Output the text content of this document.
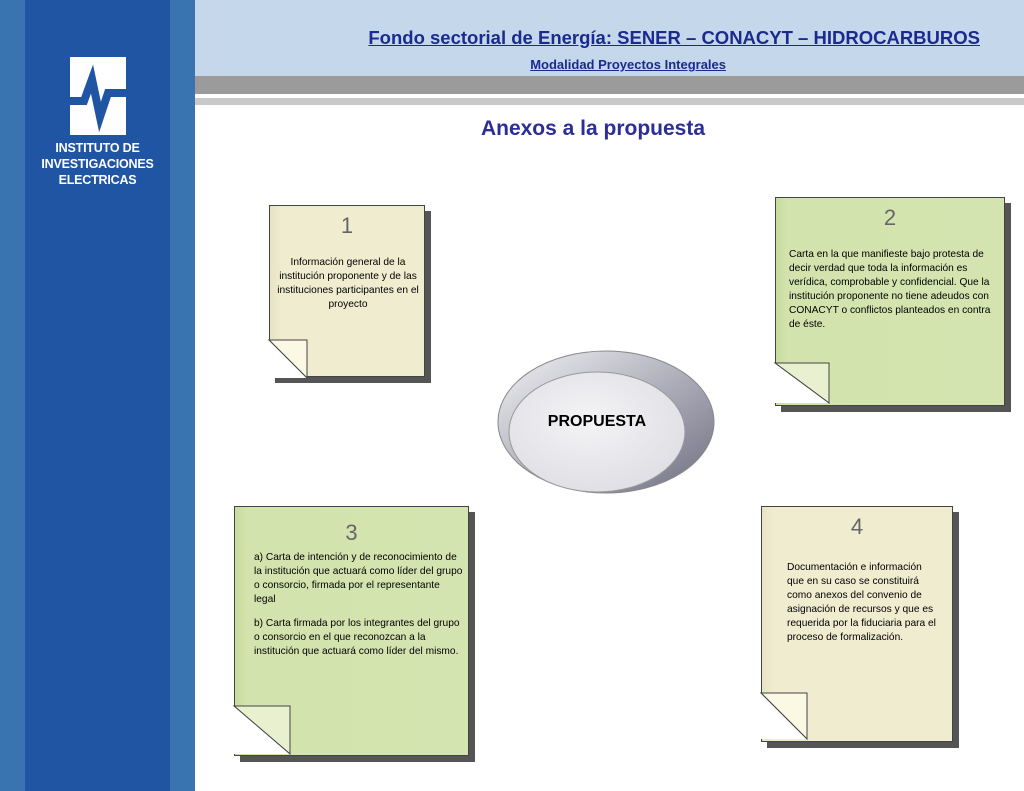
INSTITUTO DE
INVESTIGACIONES
ELECTRICAS
Fondo sectorial de Energía: SENER – CONACYT – HIDROCARBUROS
Modalidad Proyectos Integrales
Anexos a la propuesta
1

Información general de la institución proponente y de las instituciones participantes en el proyecto

2

Carta en la que manifieste bajo protesta de decir verdad que toda la información es verídica, comprobable y confidencial. Que la institución proponente no tiene adeudos con CONACYT o conflictos planteados en contra de éste.

3

a) Carta de intención y de reconocimiento de la institución que actuará como líder del grupo o consorcio, firmada por el representante legal

b) Carta firmada por los integrantes del grupo o consorcio en el que reconozcan a la institución que actuará como líder del mismo.

4

Documentación e información que en su caso se constituirá como anexos del convenio de asignación de recursos y que es requerida por la fiduciaria para el proceso de formalización.

PROPUESTA
